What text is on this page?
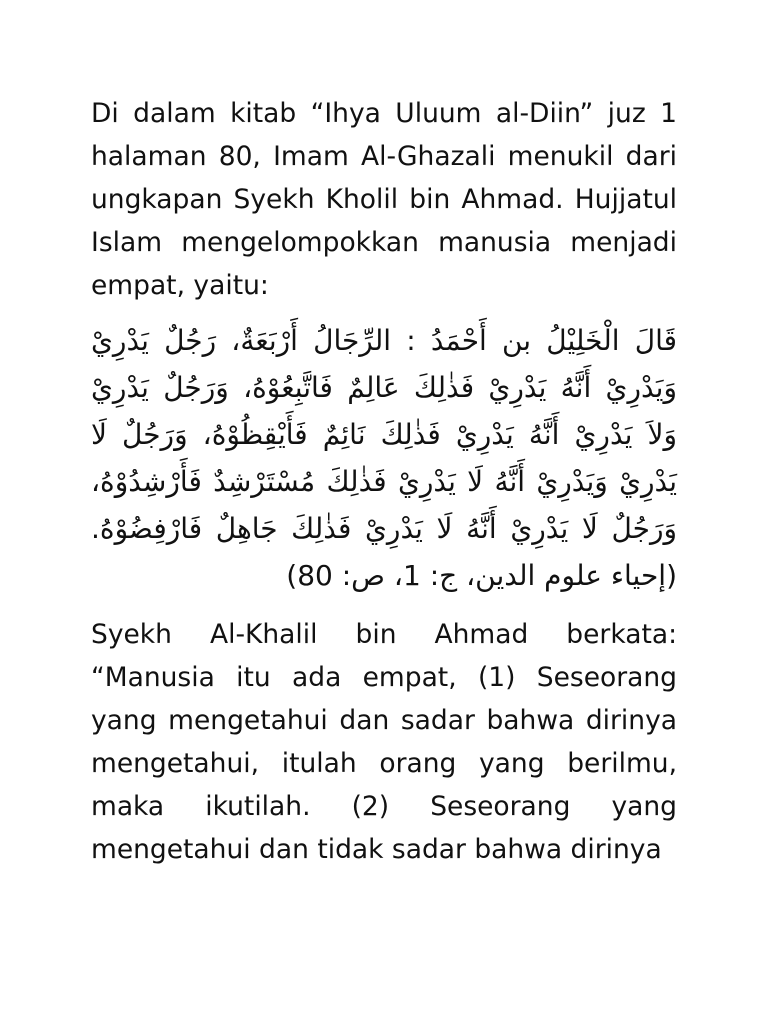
Di dalam kitab “Ihya Uluum al-Diin” juz 1 halaman 80, Imam Al-Ghazali menukil dari ungkapan Syekh Kholil bin Ahmad. Hujjatul Islam mengelompokkan manusia menjadi empat, yaitu:

قَالَ الْخَلِيْلُ بن أَحْمَدُ : الرِّجَالُ أَرْبَعَةٌ، رَجُلٌ يَدْرِيْ وَيَدْرِيْ أَنَّهُ يَدْرِيْ فَذٰلِكَ عَالِمٌ فَاتَّبِعُوْهُ، وَرَجُلٌ يَدْرِيْ وَلاَ يَدْرِيْ أَنَّهُ يَدْرِيْ فَذٰلِكَ نَائِمٌ فَأَيْقِظُوْهُ، وَرَجُلٌ لَا يَدْرِيْ وَيَدْرِيْ أَنَّهُ لَا يَدْرِيْ فَذٰلِكَ مُسْتَرْشِدٌ فَأَرْشِدُوْهُ، وَرَجُلٌ لَا يَدْرِيْ أَنَّهُ لَا يَدْرِيْ فَذٰلِكَ جَاهِلٌ فَارْفِضُوْهُ. (إحياء علوم الدين، ج: 1، ص: 80)

Syekh Al-Khalil bin Ahmad berkata: “Manusia itu ada empat, (1) Seseorang yang mengetahui dan sadar bahwa dirinya mengetahui, itulah orang yang berilmu, maka ikutilah. (2) Seseorang yang mengetahui dan tidak sadar bahwa dirinya
